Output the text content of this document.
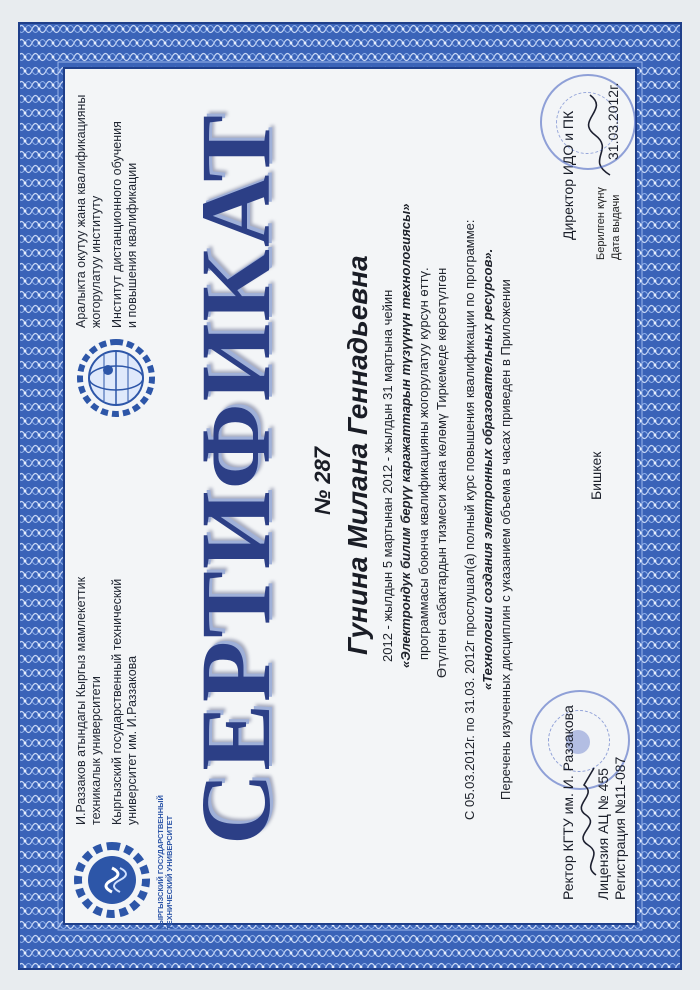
КЫРГЫЗСКИЙ ГОСУДАРСТВЕННЫЙ ТЕХНИЧЕСКИЙ УНИВЕРСИТЕТ
И.Раззаков атындагы Кыргыз мамлекеттик техникалык университети Кыргызский государственный технический университет им. И.Раззакова
Аралыкта окутуу жана квалификацияны жогорулатуу институту Институт дистанционного обучения и повышения квалификации СЕРТИФИКАТ № 287 Гунина Милана Геннадьевна 2012 - жылдын 5 мартынан 2012 - жылдын 31 мартына чейин «Электрондук билим берүү каражаттарын түзүүнүн технологиясы» программасы боюнча квалификацияны жогорулатуу курсун өттү. Өтүлгөн сабактардын тизмеси жана көлөмү Тиркемеде көрсөтүлгөн С 05.03.2012г. по 31.03. 2012г прослушал(а) полный курс повышения квалификации по программе: «Технологии создания электронных образовательных ресурсов». Перечень изученных дисциплин с указанием объема в часах приведен в Приложении
Ректор КГТУ им. И. Раззакова Лицензия АЦ № 455 Регистрация №11-087
Бишкек
Директор ИДО и ПК Берилген күнү Дата выдачи
31.03.2012г.
